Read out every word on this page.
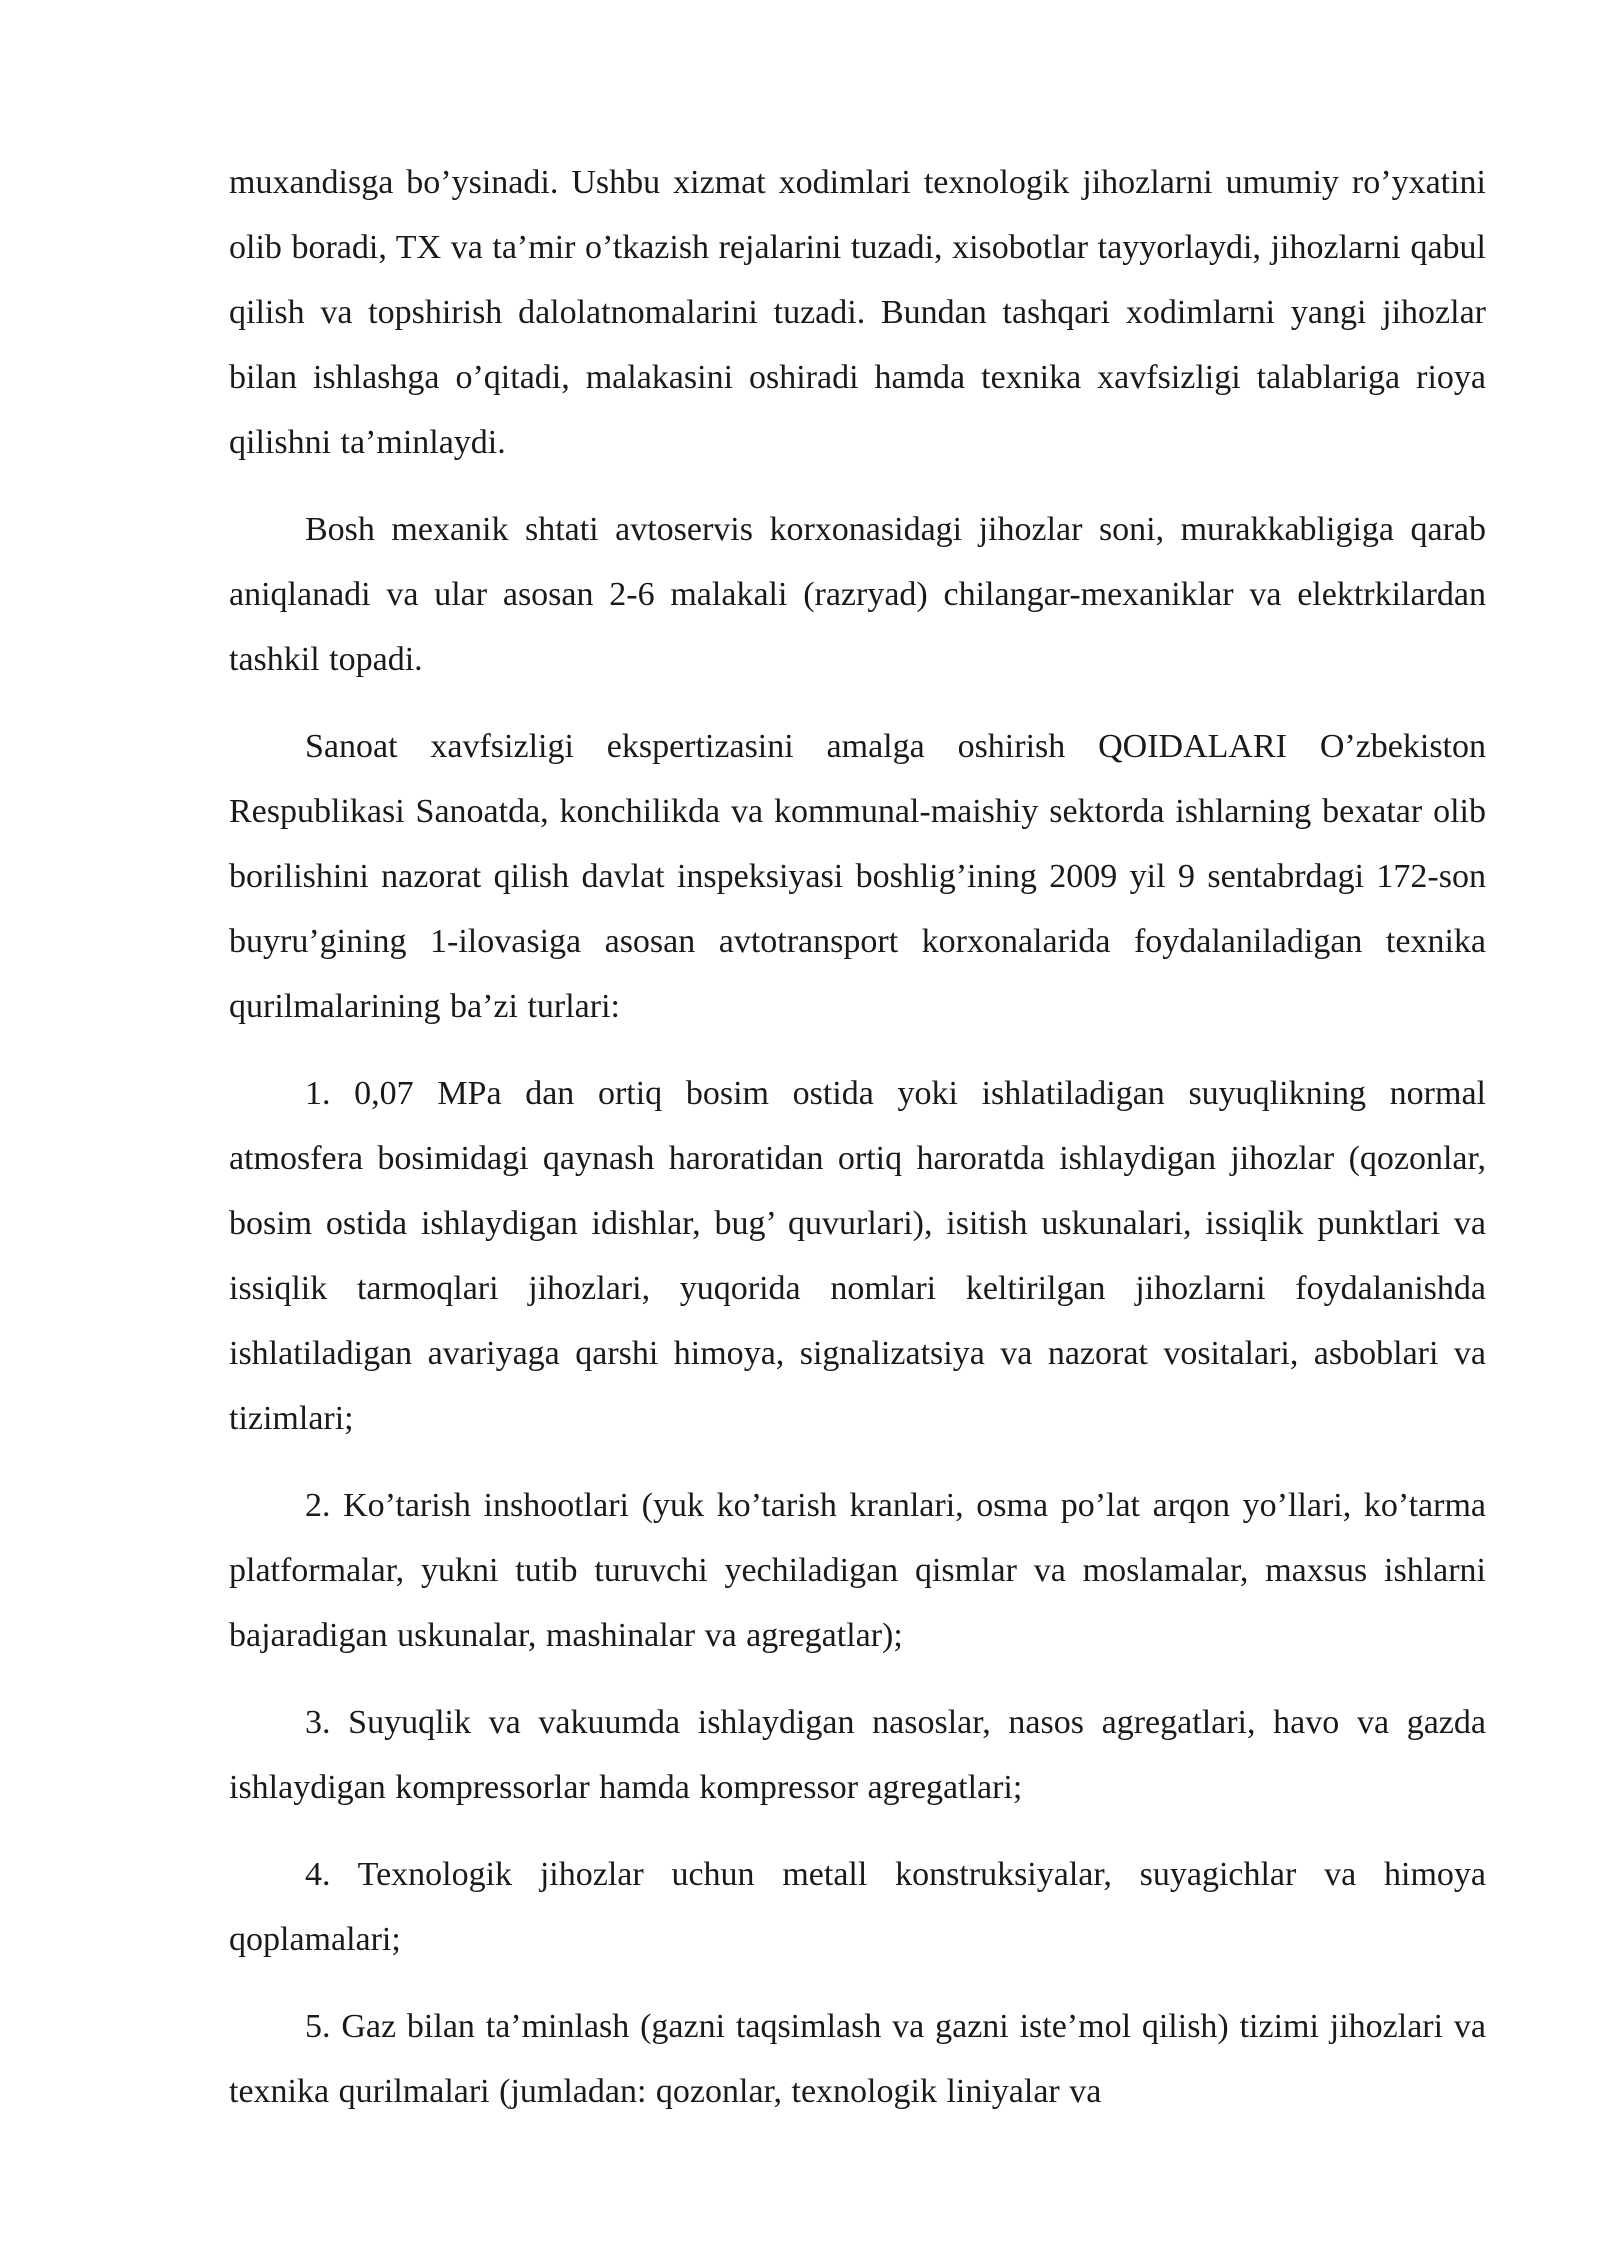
muxandisga bo’ysinadi. Ushbu xizmat xodimlari texnologik jihozlarni umumiy ro’yxatini olib boradi, TX va ta’mir o’tkazish rejalarini tuzadi, xisobotlar tayyorlaydi, jihozlarni qabul qilish va topshirish dalolatnomalarini tuzadi. Bundan tashqari xodimlarni yangi jihozlar bilan ishlashga o’qitadi, malakasini oshiradi hamda texnika xavfsizligi talablariga rioya qilishni ta’minlaydi.

Bosh mexanik shtati avtoservis korxonasidagi jihozlar soni, murakkabligiga qarab aniqlanadi va ular asosan 2-6 malakali (razryad) chilangar-mexaniklar va elektrkilardan tashkil topadi.

Sanoat xavfsizligi ekspertizasini amalga oshirish QOIDALARI O’zbekiston Respublikasi Sanoatda, konchilikda va kommunal-maishiy sektorda ishlarning bexatar olib borilishini nazorat qilish davlat inspeksiyasi boshlig’ining 2009 yil 9 sentabrdagi 172-son buyru’gining 1-ilovasiga asosan avtotransport korxonalarida foydalaniladigan texnika qurilmalarining ba’zi turlari:

1. 0,07 MPa dan ortiq bosim ostida yoki ishlatiladigan suyuqlikning normal atmosfera bosimidagi qaynash haroratidan ortiq haroratda ishlaydigan jihozlar (qozonlar, bosim ostida ishlaydigan idishlar, bug’ quvurlari), isitish uskunalari, issiqlik punktlari va issiqlik tarmoqlari jihozlari, yuqorida nomlari keltirilgan jihozlarni foydalanishda ishlatiladigan avariyaga qarshi himoya, signalizatsiya va nazorat vositalari, asboblari va tizimlari;

2. Ko’tarish inshootlari (yuk ko’tarish kranlari, osma po’lat arqon yo’llari, ko’tarma platformalar, yukni tutib turuvchi yechiladigan qismlar va moslamalar, maxsus ishlarni bajaradigan uskunalar, mashinalar va agregatlar);

3. Suyuqlik va vakuumda ishlaydigan nasoslar, nasos agregatlari, havo va gazda ishlaydigan kompressorlar hamda kompressor agregatlari;

4. Texnologik jihozlar uchun metall konstruksiyalar, suyagichlar va himoya qoplamalari;

5. Gaz bilan ta’minlash (gazni taqsimlash va gazni iste’mol qilish) tizimi jihozlari va texnika qurilmalari (jumladan: qozonlar, texnologik liniyalar va
